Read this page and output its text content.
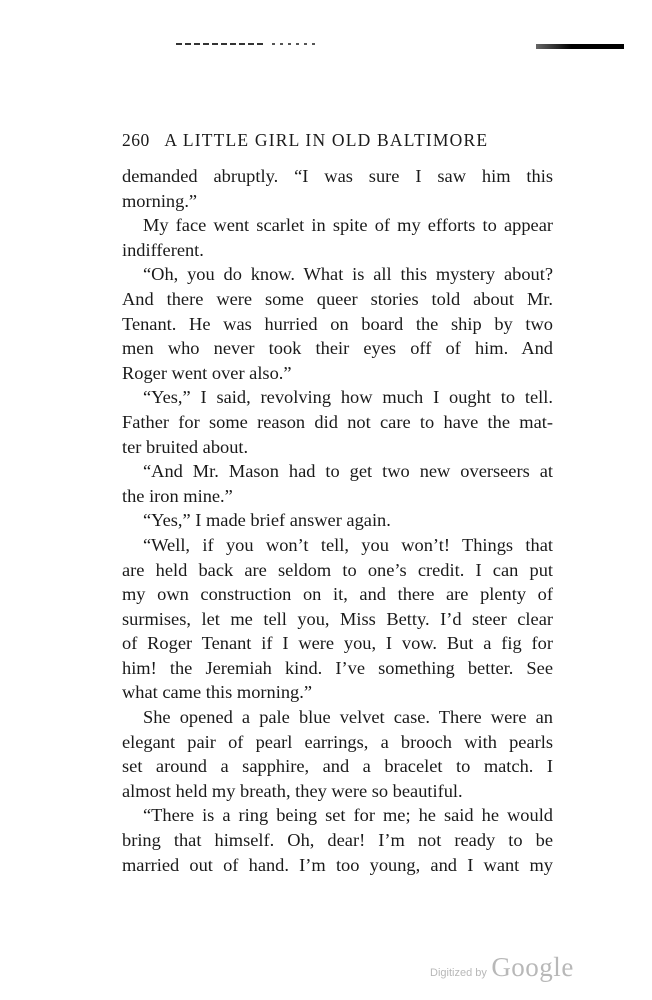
260 A LITTLE GIRL IN OLD BALTIMORE
demanded abruptly. “I was sure I saw him this
morning.”
My face went scarlet in spite of my efforts to appear
indifferent.
“Oh, you do know. What is all this mystery about?
And there were some queer stories told about Mr.
Tenant. He was hurried on board the ship by two
men who never took their eyes off of him. And
Roger went over also.”
“Yes,” I said, revolving how much I ought to tell.
Father for some reason did not care to have the mat-
ter bruited about.
“And Mr. Mason had to get two new overseers at
the iron mine.”
“Yes,” I made brief answer again.
“Well, if you won’t tell, you won’t! Things that
are held back are seldom to one’s credit. I can put
my own construction on it, and there are plenty of
surmises, let me tell you, Miss Betty. I’d steer clear
of Roger Tenant if I were you, I vow. But a fig for
him! the Jeremiah kind. I’ve something better. See
what came this morning.”
She opened a pale blue velvet case. There were an
elegant pair of pearl earrings, a brooch with pearls
set around a sapphire, and a bracelet to match. I
almost held my breath, they were so beautiful.
“There is a ring being set for me; he said he would
bring that himself. Oh, dear! I’m not ready to be
married out of hand. I’m too young, and I want my
Digitized by Google
